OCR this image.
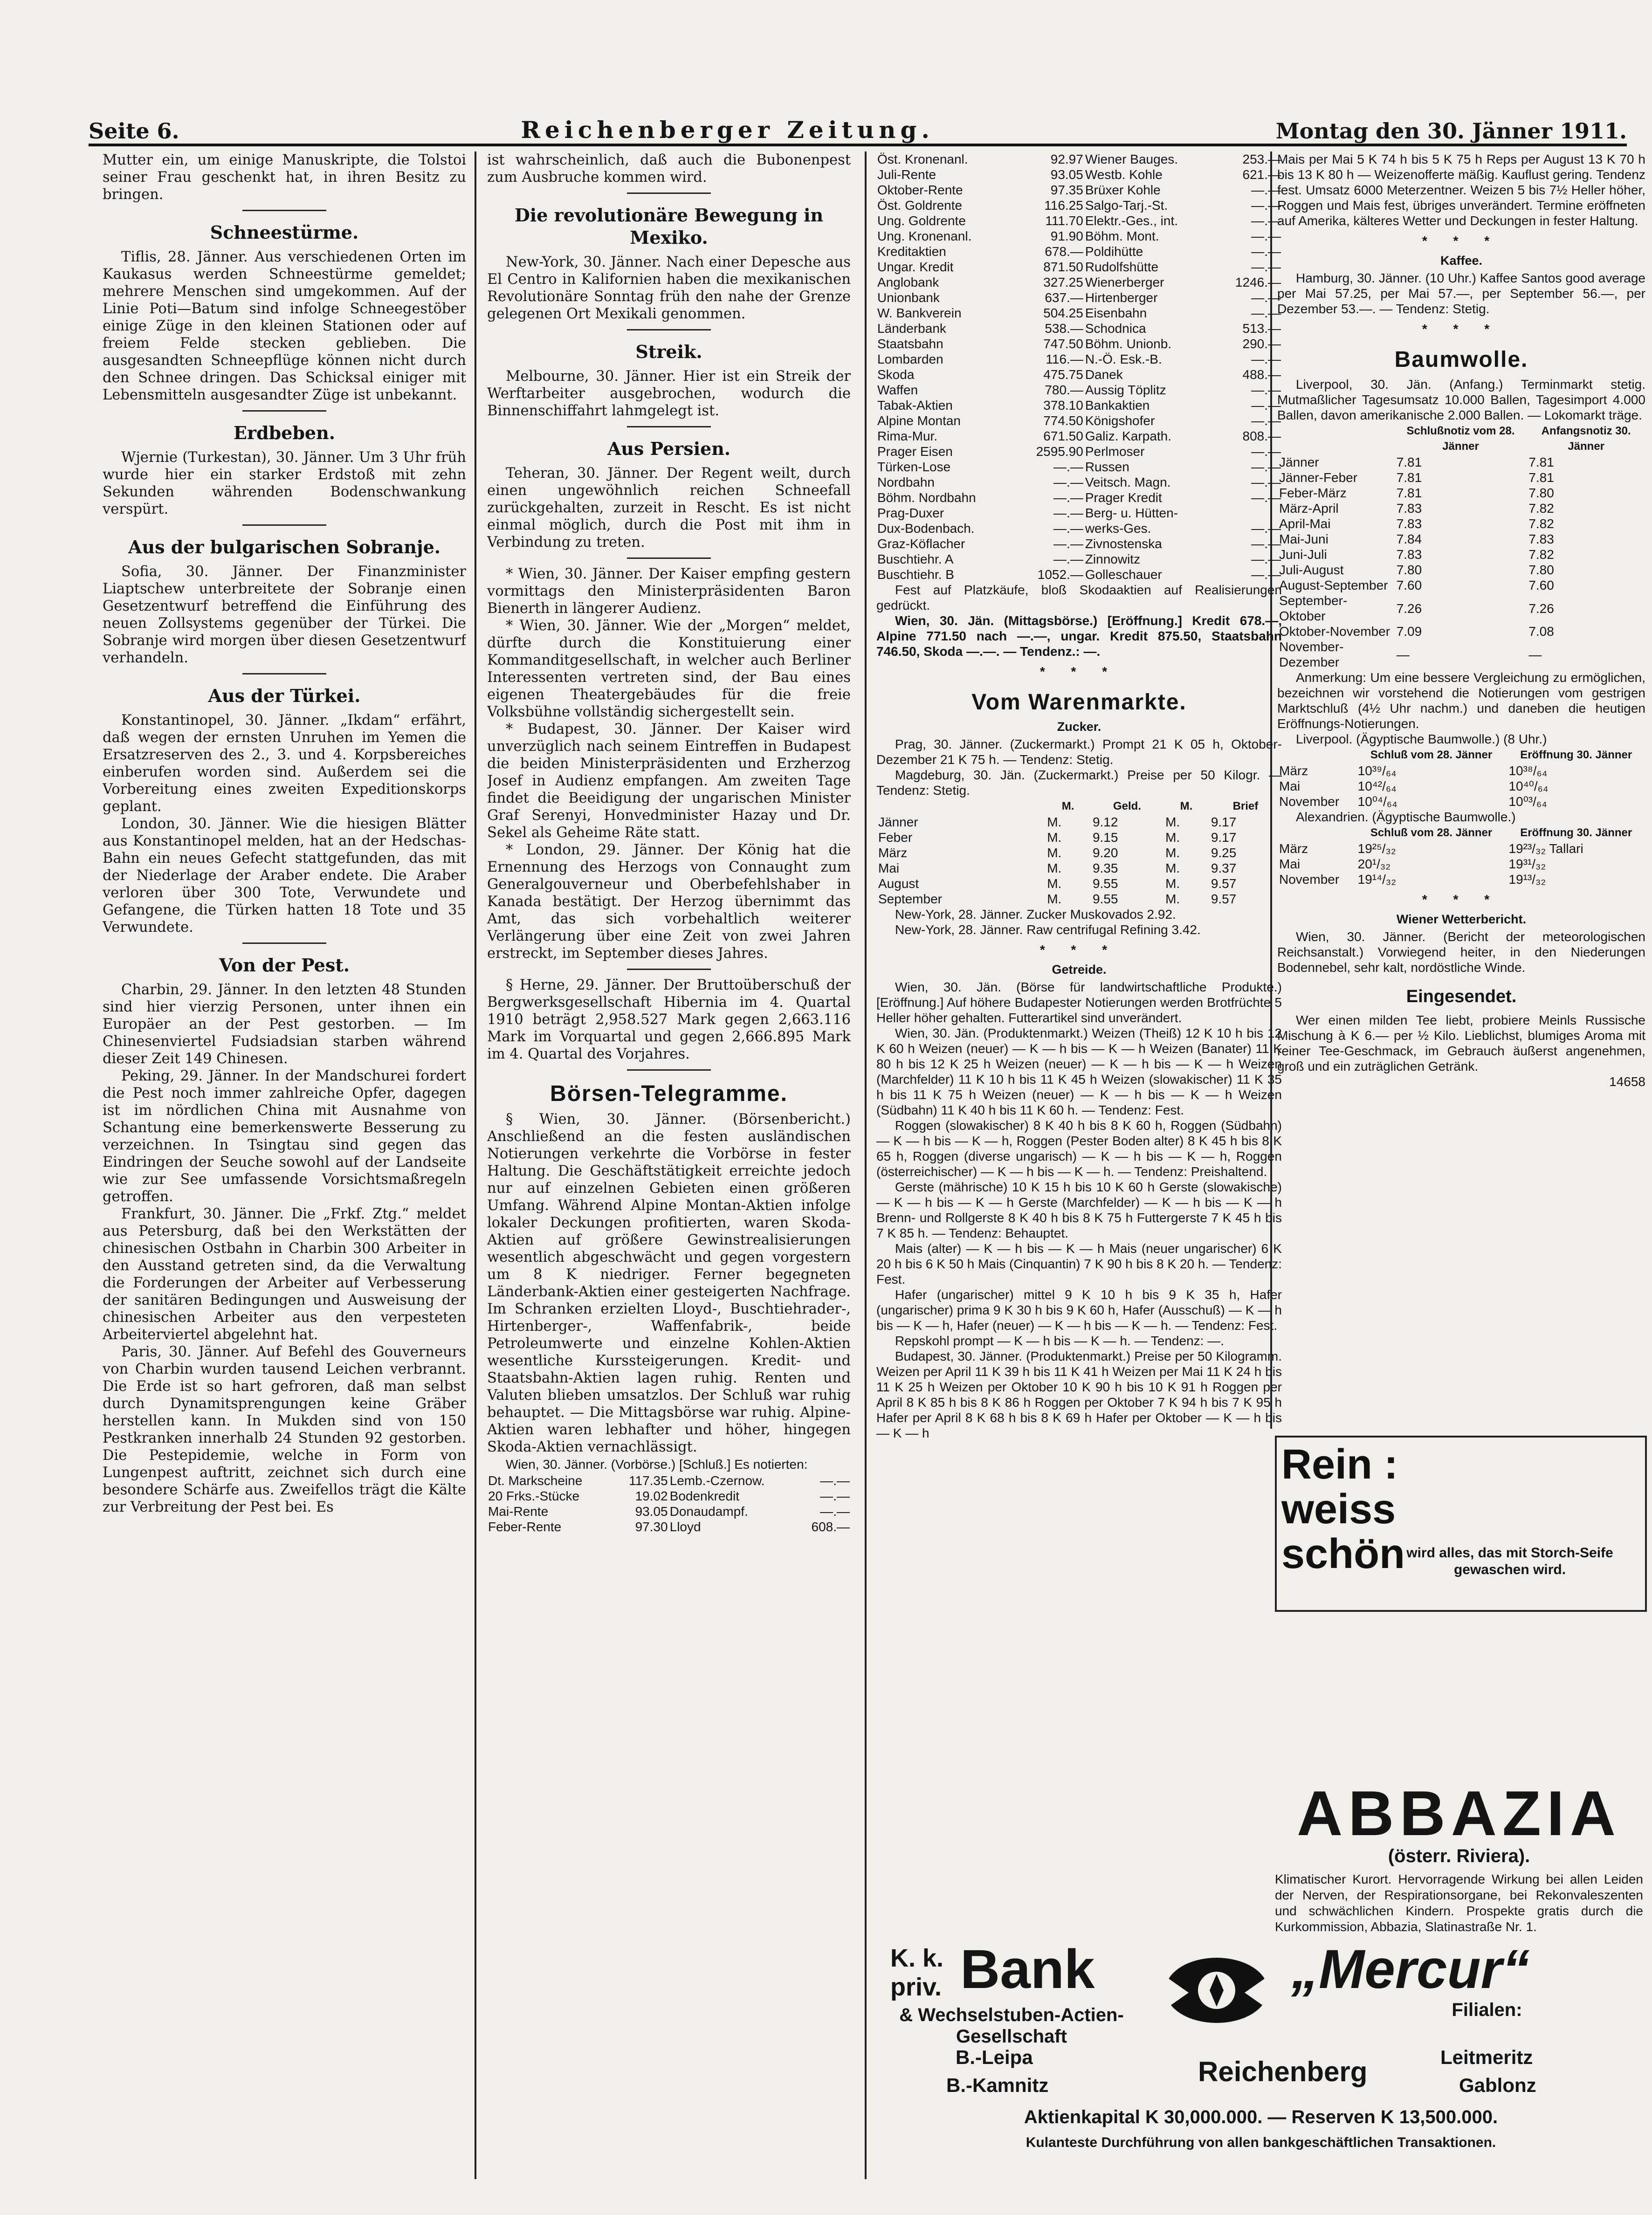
Seite 6.	Reichenberger Zeitung.	Montag den 30. Jänner 1911.

Mutter ein, um einige Manuskripte, die Tolstoi seiner Frau geschenkt hat, in ihren Besitz zu bringen.

Schneestürme.

Tiflis, 28. Jänner. Aus verschiedenen Orten im Kaukasus werden Schneestürme gemeldet; mehrere Menschen sind umgekommen. Auf der Linie Poti—Batum sind infolge Schneegestöber einige Züge in den kleinen Stationen oder auf freiem Felde stecken geblieben. Die ausgesandten Schneepflüge können nicht durch den Schnee dringen. Das Schicksal einiger mit Lebensmitteln ausgesandter Züge ist unbekannt.

Erdbeben.

Wjernie (Turkestan), 30. Jänner. Um 3 Uhr früh wurde hier ein starker Erdstoß mit zehn Sekunden währenden Bodenschwankung verspürt.

Aus der bulgarischen Sobranje.

Sofia, 30. Jänner. Der Finanzminister Liaptschew unterbreitete der Sobranje einen Gesetzentwurf betreffend die Einführung des neuen Zollsystems gegenüber der Türkei. Die Sobranje wird morgen über diesen Gesetzentwurf verhandeln.

Aus der Türkei.

Konstantinopel, 30. Jänner. „Ikdam“ erfährt, daß wegen der ernsten Unruhen im Yemen die Ersatzreserven des 2., 3. und 4. Korpsbereiches einberufen worden sind. Außerdem sei die Vorbereitung eines zweiten Expeditionskorps geplant.

London, 30. Jänner. Wie die hiesigen Blätter aus Konstantinopel melden, hat an der Hedschas-Bahn ein neues Gefecht stattgefunden, das mit der Niederlage der Araber endete. Die Araber verloren über 300 Tote, Verwundete und Gefangene, die Türken hatten 18 Tote und 35 Verwundete.

Von der Pest.

Charbin, 29. Jänner. In den letzten 48 Stunden sind hier vierzig Personen, unter ihnen ein Europäer an der Pest gestorben. — Im Chinesenviertel Fudsiadsian starben während dieser Zeit 149 Chinesen.

Peking, 29. Jänner. In der Mandschurei fordert die Pest noch immer zahlreiche Opfer, dagegen ist im nördlichen China mit Ausnahme von Schantung eine bemerkenswerte Besserung zu verzeichnen. In Tsingtau sind gegen das Eindringen der Seuche sowohl auf der Landseite wie zur See umfassende Vorsichtsmaßregeln getroffen.

Frankfurt, 30. Jänner. Die „Frkf. Ztg.“ meldet aus Petersburg, daß bei den Werkstätten der chinesischen Ostbahn in Charbin 300 Arbeiter in den Ausstand getreten sind, da die Verwaltung die Forderungen der Arbeiter auf Verbesserung der sanitären Bedingungen und Ausweisung der chinesischen Arbeiter aus den verpesteten Arbeiterviertel abgelehnt hat.

Paris, 30. Jänner. Auf Befehl des Gouverneurs von Charbin wurden tausend Leichen verbrannt. Die Erde ist so hart gefroren, daß man selbst durch Dynamitsprengungen keine Gräber herstellen kann. In Mukden sind von 150 Pestkranken innerhalb 24 Stunden 92 gestorben. Die Pestepidemie, welche in Form von Lungenpest auftritt, zeichnet sich durch eine besondere Schärfe aus. Zweifellos trägt die Kälte zur Verbreitung der Pest bei. Es

ist wahrscheinlich, daß auch die Bubonenpest zum Ausbruche kommen wird.

Die revolutionäre Bewegung in Mexiko.

New-York, 30. Jänner. Nach einer Depesche aus El Centro in Kalifornien haben die mexikanischen Revolutionäre Sonntag früh den nahe der Grenze gelegenen Ort Mexikali genommen.

Streik.

Melbourne, 30. Jänner. Hier ist ein Streik der Werftarbeiter ausgebrochen, wodurch die Binnenschiffahrt lahmgelegt ist.

Aus Persien.

Teheran, 30. Jänner. Der Regent weilt, durch einen ungewöhnlich reichen Schneefall zurückgehalten, zurzeit in Rescht. Es ist nicht einmal möglich, durch die Post mit ihm in Verbindung zu treten.

* Wien, 30. Jänner. Der Kaiser empfing gestern vormittags den Ministerpräsidenten Baron Bienerth in längerer Audienz.

* Wien, 30. Jänner. Wie der „Morgen“ meldet, dürfte durch die Konstituierung einer Kommanditgesellschaft, in welcher auch Berliner Interessenten vertreten sind, der Bau eines eigenen Theatergebäudes für die freie Volksbühne vollständig sichergestellt sein.

* Budapest, 30. Jänner. Der Kaiser wird unverzüglich nach seinem Eintreffen in Budapest die beiden Ministerpräsidenten und Erzherzog Josef in Audienz empfangen. Am zweiten Tage findet die Beeidigung der ungarischen Minister Graf Serenyi, Honvedminister Hazay und Dr. Sekel als Geheime Räte statt.

* London, 29. Jänner. Der König hat die Ernennung des Herzogs von Connaught zum Generalgouverneur und Oberbefehlshaber in Kanada bestätigt. Der Herzog übernimmt das Amt, das sich vorbehaltlich weiterer Verlängerung über eine Zeit von zwei Jahren erstreckt, im September dieses Jahres.

§ Herne, 29. Jänner. Der Bruttoüberschuß der Bergwerksgesellschaft Hibernia im 4. Quartal 1910 beträgt 2,958.527 Mark gegen 2,663.116 Mark im Vorquartal und gegen 2,666.895 Mark im 4. Quartal des Vorjahres.

Börsen-Telegramme.

§ Wien, 30. Jänner. (Börsenbericht.) Anschließend an die festen ausländischen Notierungen verkehrte die Vorbörse in fester Haltung. Die Geschäftstätigkeit erreichte jedoch nur auf einzelnen Gebieten einen größeren Umfang. Während Alpine Montan-Aktien infolge lokaler Deckungen profitierten, waren Skoda-Aktien auf größere Gewinstrealisierungen wesentlich abgeschwächt und gegen vorgestern um 8 K niedriger. Ferner begegneten Länderbank-Aktien einer gesteigerten Nachfrage. Im Schranken erzielten Lloyd-, Buschtiehrader-, Hirtenberger-, Waffenfabrik-, beide Petroleumwerte und einzelne Kohlen-Aktien wesentliche Kurssteigerungen. Kredit- und Staatsbahn-Aktien lagen ruhig. Renten und Valuten blieben umsatzlos. Der Schluß war ruhig behauptet. — Die Mittagsbörse war ruhig. Alpine-Aktien waren lebhafter und höher, hingegen Skoda-Aktien vernachlässigt.

Wien, 30. Jänner. (Vorbörse.) [Schluß.] Es notierten:

Dt. Markscheine	117.35	Lemb.-Czernow.	—.—
20 Frks.-Stücke	19.02	Bodenkredit	—.—
Mai-Rente	93.05	Donaudampf.	—.—
Feber-Rente	97.30	Lloyd	608.—
Öst. Kronenanl.	92.97	Wiener Bauges.	253.—
Juli-Rente	93.05	Westb. Kohle	621.—
Oktober-Rente	97.35	Brüxer Kohle	—.—
Öst. Goldrente	116.25	Salgo-Tarj.-St.	—.—
Ung. Goldrente	111.70	Elektr.-Ges., int.	—.—
Ung. Kronenanl.	91.90	Böhm. Mont.	—.—
Kreditaktien	678.—	Poldihütte	—.—
Ungar. Kredit	871.50	Rudolfshütte	—.—
Anglobank	327.25	Wienerberger	1246.—
Unionbank	637.—	Hirtenberger	—.—
W. Bankverein	504.25	Eisenbahn	—.—
Länderbank	538.—	Schodnica	513.—
Staatsbahn	747.50	Böhm. Unionb.	290.—
Lombarden	116.—	N.-Ö. Esk.-B.	—.—
Skoda	475.75	Danek	488.—
Waffen	780.—	Aussig Töplitz	—.—
Tabak-Aktien	378.10	Bankaktien	—.—
Alpine Montan	774.50	Königshofer	—.—
Rima-Mur.	671.50	Galiz. Karpath.	808.—
Prager Eisen	2595.90	Perlmoser	—.—
Türken-Lose	—.—	Russen	—.—
Nordbahn	—.—	Veitsch. Magn.	—.—
Böhm. Nordbahn	—.—	Prager Kredit	—.—
Prag-Duxer	—.—	Berg- u. Hütten-	
Dux-Bodenbach.	—.—	werks-Ges.	—.—
Graz-Köflacher	—.—	Zivnostenska	—.—
Buschtiehr. A	—.—	Zinnowitz	—.—
Buschtiehr. B	1052.—	Golleschauer	—.—

Fest auf Platzkäufe, bloß Skodaaktien auf Realisierungen gedrückt.

Wien, 30. Jän. (Mittagsbörse.) [Eröffnung.] Kredit 678.—, Alpine 771.50 nach —.—, ungar. Kredit 875.50, Staatsbahn 746.50, Skoda —.—. — Tendenz.: —.

* * *
Vom Warenmarkte.
Zucker.

Prag, 30. Jänner. (Zuckermarkt.) Prompt 21 K 05 h, Oktober-Dezember 21 K 75 h. — Tendenz: Stetig.

Magdeburg, 30. Jän. (Zuckermarkt.) Preise per 50 Kilogr. — Tendenz: Stetig.

	M.	Geld.	M.	Brief
Jänner	M.	9.12	M.	9.17
Feber	M.	9.15	M.	9.17
März	M.	9.20	M.	9.25
Mai	M.	9.35	M.	9.37
August	M.	9.55	M.	9.57
September	M.	9.55	M.	9.57

New-York, 28. Jänner. Zucker Muskovados 2.92.

New-York, 28. Jänner. Raw centrifugal Refining 3.42.

* * *
Getreide.

Wien, 30. Jän. (Börse für landwirtschaftliche Produkte.) [Eröffnung.] Auf höhere Budapester Notierungen werden Brotfrüchte 5 Heller höher gehalten. Futterartikel sind unverändert.

Wien, 30. Jän. (Produktenmarkt.) Weizen (Theiß) 12 K 10 h bis 12 K 60 h Weizen (neuer) — K — h bis — K — h Weizen (Banater) 11 K 80 h bis 12 K 25 h Weizen (neuer) — K — h bis — K — h Weizen (Marchfelder) 11 K 10 h bis 11 K 45 h Weizen (slowakischer) 11 K 35 h bis 11 K 75 h Weizen (neuer) — K — h bis — K — h Weizen (Südbahn) 11 K 40 h bis 11 K 60 h. — Tendenz: Fest.

Roggen (slowakischer) 8 K 40 h bis 8 K 60 h, Roggen (Südbahn) — K — h bis — K — h, Roggen (Pester Boden alter) 8 K 45 h bis 8 K 65 h, Roggen (diverse ungarisch) — K — h bis — K — h, Roggen (österreichischer) — K — h bis — K — h. — Tendenz: Preishaltend.

Gerste (mährische) 10 K 15 h bis 10 K 60 h Gerste (slowakische) — K — h bis — K — h Gerste (Marchfelder) — K — h bis — K — h Brenn- und Rollgerste 8 K 40 h bis 8 K 75 h Futtergerste 7 K 45 h bis 7 K 85 h. — Tendenz: Behauptet.

Mais (alter) — K — h bis — K — h Mais (neuer ungarischer) 6 K 20 h bis 6 K 50 h Mais (Cinquantin) 7 K 90 h bis 8 K 20 h. — Tendenz: Fest.

Hafer (ungarischer) mittel 9 K 10 h bis 9 K 35 h, Hafer (ungarischer) prima 9 K 30 h bis 9 K 60 h, Hafer (Ausschuß) — K — h bis — K — h, Hafer (neuer) — K — h bis — K — h. — Tendenz: Fest.

Repskohl prompt — K — h bis — K — h. — Tendenz: —.

Budapest, 30. Jänner. (Produktenmarkt.) Preise per 50 Kilogramm. Weizen per April 11 K 39 h bis 11 K 41 h Weizen per Mai 11 K 24 h bis 11 K 25 h Weizen per Oktober 10 K 90 h bis 10 K 91 h Roggen per April 8 K 85 h bis 8 K 86 h Roggen per Oktober 7 K 94 h bis 7 K 95 h Hafer per April 8 K 68 h bis 8 K 69 h Hafer per Oktober — K — h bis — K — h

Mais per Mai 5 K 74 h bis 5 K 75 h Reps per August 13 K 70 h bis 13 K 80 h — Weizenofferte mäßig. Kauflust gering. Tendenz fest. Umsatz 6000 Meterzentner. Weizen 5 bis 7½ Heller höher, Roggen und Mais fest, übriges unverändert. Termine eröffneten auf Amerika, kälteres Wetter und Deckungen in fester Haltung.

* * *
Kaffee.

Hamburg, 30. Jänner. (10 Uhr.) Kaffee Santos good average per Mai 57.25, per Mai 57.—, per September 56.—, per Dezember 53.—. — Tendenz: Stetig.

* * *
Baumwolle.

Liverpool, 30. Jän. (Anfang.) Terminmarkt stetig. Mutmaßlicher Tagesumsatz 10.000 Ballen, Tagesimport 4.000 Ballen, davon amerikanische 2.000 Ballen. — Lokomarkt träge.

	Schlußnotiz vom 28. Jänner	Anfangsnotiz 30. Jänner
Jänner	7.81	7.81
Jänner-Feber	7.81	7.81
Feber-März	7.81	7.80
März-April	7.83	7.82
April-Mai	7.83	7.82
Mai-Juni	7.84	7.83
Juni-Juli	7.83	7.82
Juli-August	7.80	7.80
August-September	7.60	7.60
September-Oktober	7.26	7.26
Oktober-November	7.09	7.08
November-Dezember	—	—

Anmerkung: Um eine bessere Vergleichung zu ermöglichen, bezeichnen wir vorstehend die Notierungen vom gestrigen Marktschluß (4½ Uhr nachm.) und daneben die heutigen Eröffnungs-Notierungen.

Liverpool. (Ägyptische Baumwolle.) (8 Uhr.)

	Schluß vom 28. Jänner	Eröffnung 30. Jänner
März	10³⁹/₆₄	10³⁸/₆₄
Mai	10⁴²/₆₄	10⁴⁰/₆₄
November	10⁰⁴/₆₄	10⁰³/₆₄

Alexandrien. (Ägyptische Baumwolle.)

	Schluß vom 28. Jänner	Eröffnung 30. Jänner
März	19²⁵/₃₂	19²³/₃₂ Tallari
Mai	20¹/₃₂	19³¹/₃₂
November	19¹⁴/₃₂	19¹³/₃₂
* * *
Wiener Wetterbericht.

Wien, 30. Jänner. (Bericht der meteorologischen Reichsanstalt.) Vorwiegend heiter, in den Niederungen Bodennebel, sehr kalt, nordöstliche Winde.

Eingesendet.

Wer einen milden Tee liebt, probiere Meinls Russische Mischung à K 6.— per ½ Kilo. Lieblichst, blumiges Aroma mit reiner Tee-Geschmack, im Gebrauch äußerst angenehmen, groß und ein zuträglichen Getränk.

14658
Rein :
weiss
schön wird alles, das mit Storch-Seife gewaschen wird.
ABBAZIA
(österr. Riviera).
Klimatischer Kurort. Hervorragende Wirkung bei allen Leiden der Nerven, der Respirationsorgane, bei Rekonvaleszenten und schwächlichen Kindern. Prospekte gratis durch die Kurkommission, Abbazia, Slatinastraße Nr. 1.
K. k. priv. Bank
& Wechselstuben-Actien-Gesellschaft
„Mercur“
Filialen:
B.-Leipa
B.-Kamnitz	Reichenberg	Leitmeritz
Gablonz
Aktienkapital K 30,000.000. — Reserven K 13,500.000.
Kulanteste Durchführung von allen bankgeschäftlichen Transaktionen.
